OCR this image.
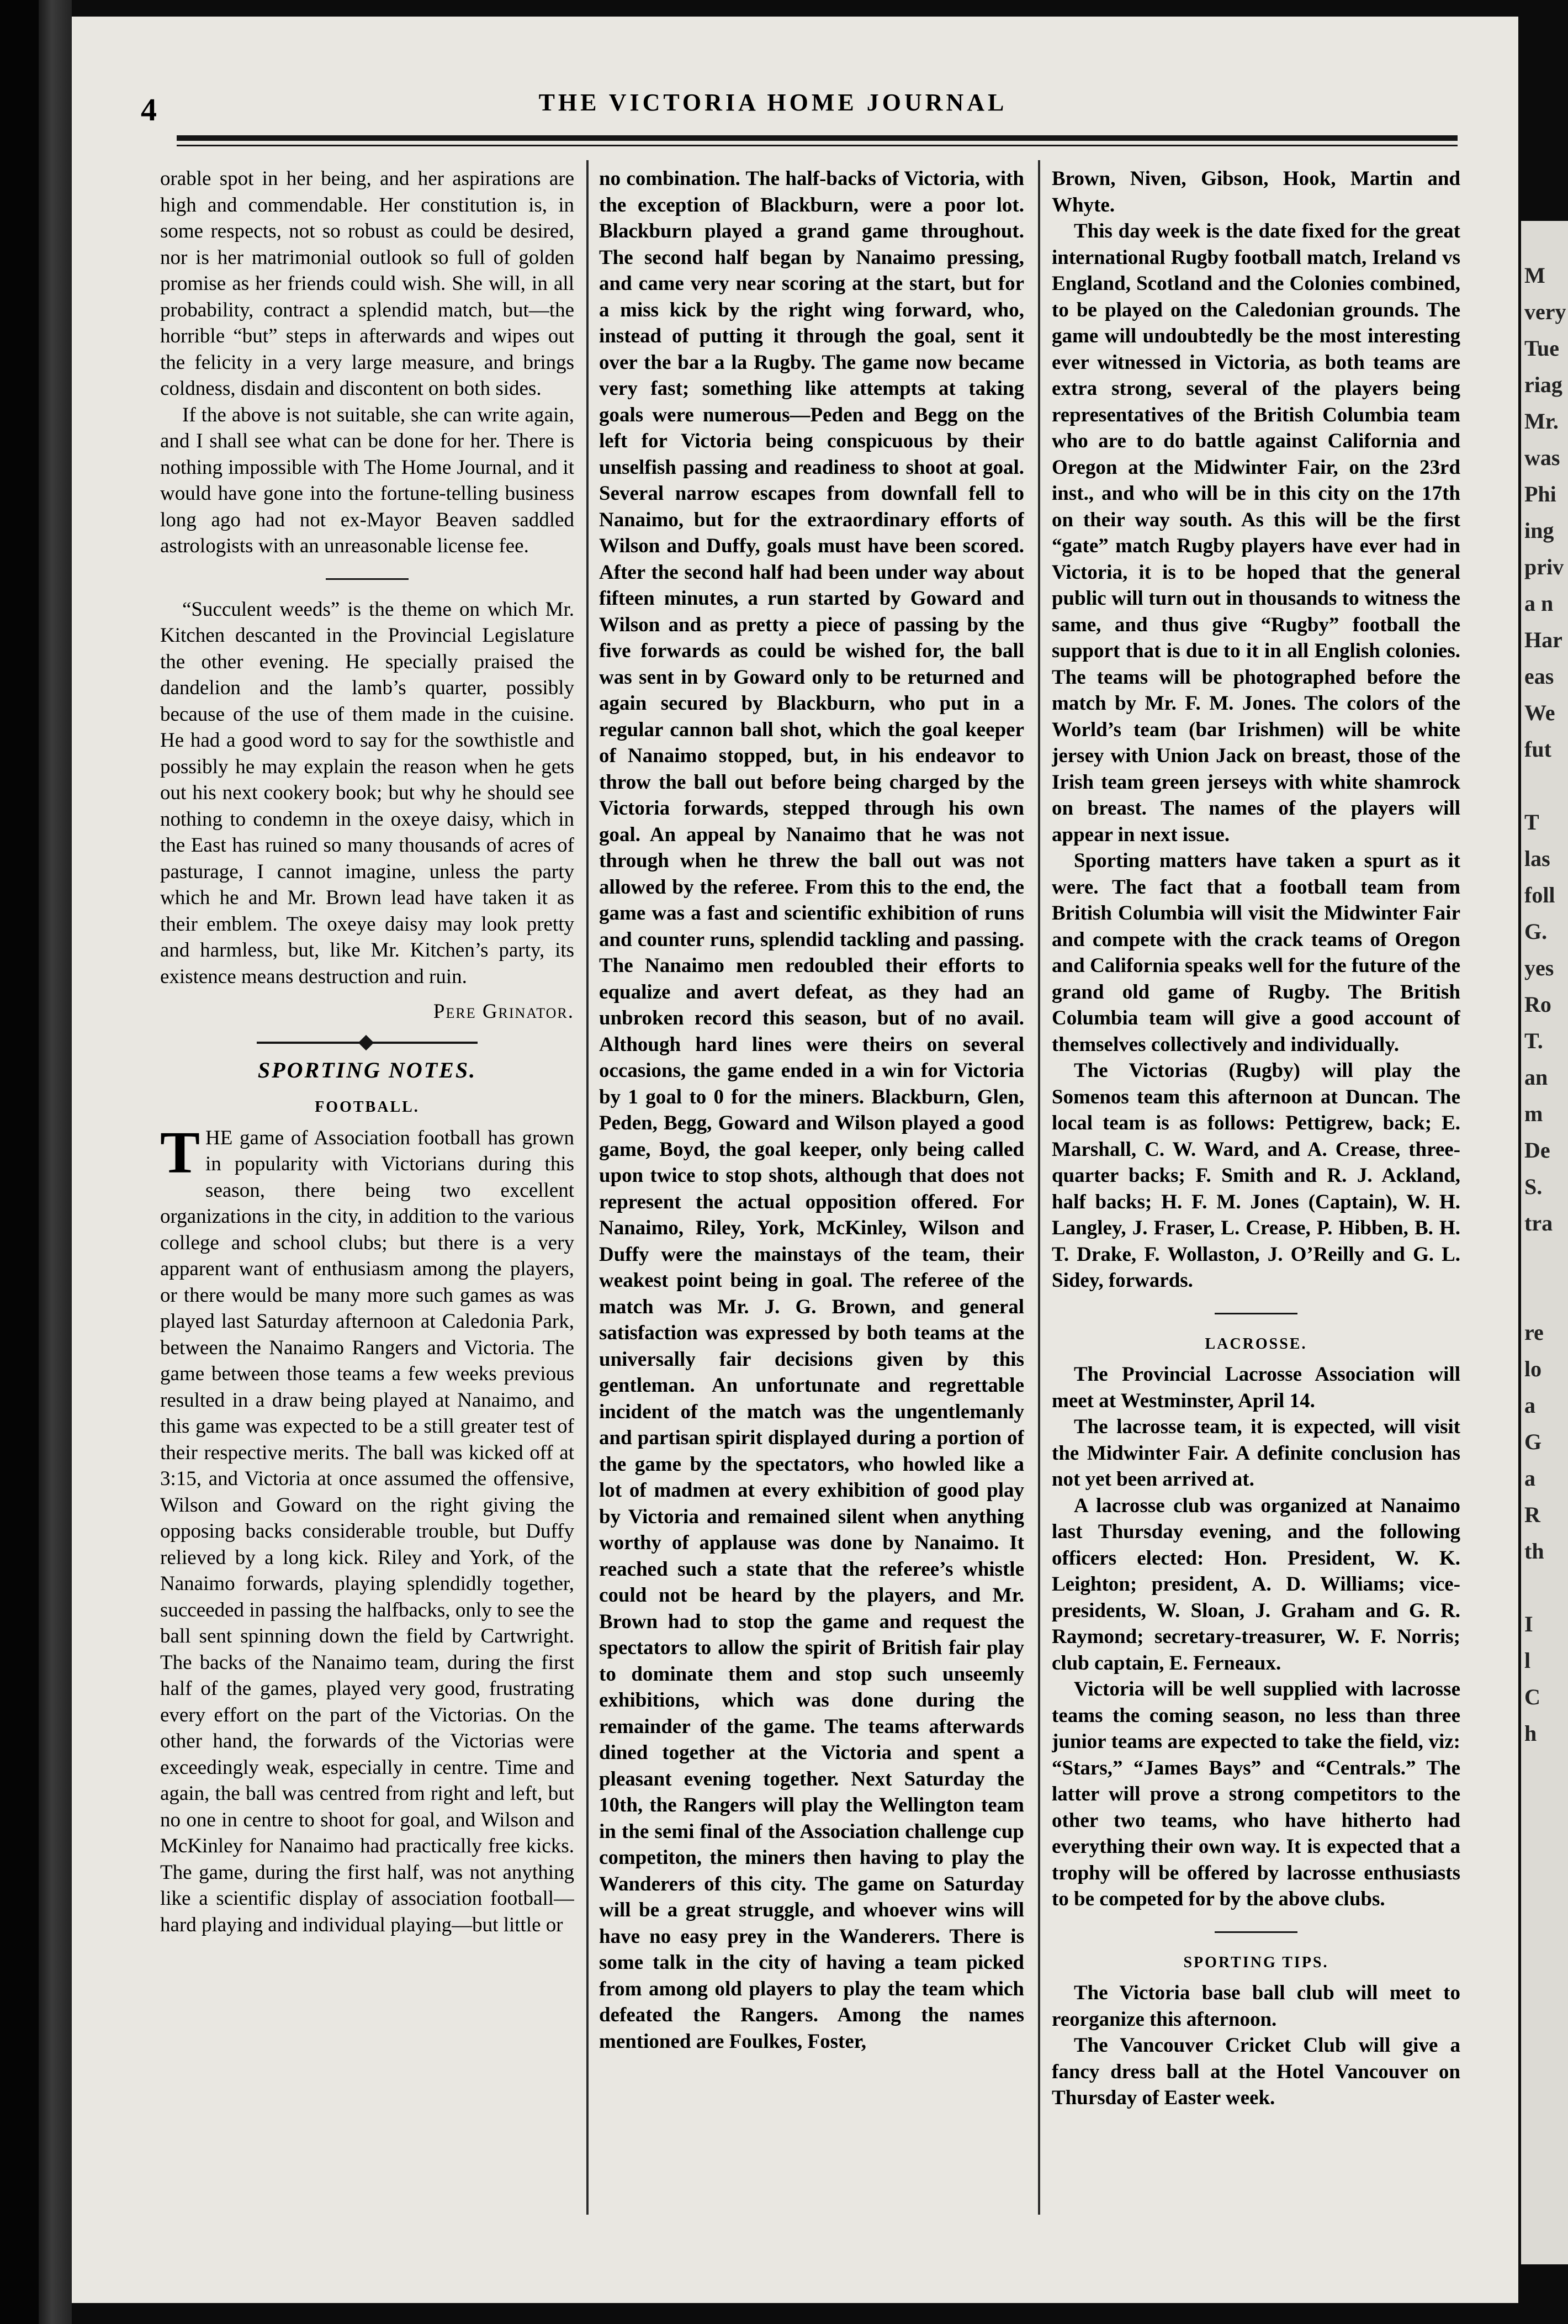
4	THE VICTORIA HOME JOURNAL

orable spot in her being, and her aspirations are high and commendable. Her constitution is, in some respects, not so robust as could be desired, nor is her matrimonial outlook so full of golden promise as her friends could wish. She will, in all probability, contract a splendid match, but—the horrible “but” steps in afterwards and wipes out the felicity in a very large measure, and brings coldness, disdain and discontent on both sides.

If the above is not suitable, she can write again, and I shall see what can be done for her. There is nothing impossible with The Home Journal, and it would have gone into the fortune-telling business long ago had not ex-Mayor Beaven saddled astrologists with an unreasonable license fee.

“Succulent weeds” is the theme on which Mr. Kitchen descanted in the Provincial Legislature the other evening. He specially praised the dandelion and the lamb’s quarter, possibly because of the use of them made in the cuisine. He had a good word to say for the sowthistle and possibly he may explain the reason when he gets out his next cookery book; but why he should see nothing to condemn in the oxeye daisy, which in the East has ruined so many thousands of acres of pasturage, I cannot imagine, unless the party which he and Mr. Brown lead have taken it as their emblem. The oxeye daisy may look pretty and harmless, but, like Mr. Kitchen’s party, its existence means destruction and ruin.

Pere Grinator.
SPORTING NOTES.
FOOTBALL.

THE game of Association football has grown in popularity with Victorians during this season, there being two excellent organizations in the city, in addition to the various college and school clubs; but there is a very apparent want of enthusiasm among the players, or there would be many more such games as was played last Saturday afternoon at Caledonia Park, between the Nanaimo Rangers and Victoria. The game between those teams a few weeks previous resulted in a draw being played at Nanaimo, and this game was expected to be a still greater test of their respective merits. The ball was kicked off at 3:15, and Victoria at once assumed the offensive, Wilson and Goward on the right giving the opposing backs considerable trouble, but Duffy relieved by a long kick. Riley and York, of the Nanaimo forwards, playing splendidly together, succeeded in passing the halfbacks, only to see the ball sent spinning down the field by Cartwright. The backs of the Nanaimo team, during the first half of the games, played very good, frustrating every effort on the part of the Victorias. On the other hand, the forwards of the Victorias were exceedingly weak, especially in centre. Time and again, the ball was centred from right and left, but no one in centre to shoot for goal, and Wilson and McKinley for Nanaimo had practically free kicks. The game, during the first half, was not anything like a scientific display of association football—hard playing and individual playing—but little or

no combination. The half-backs of Victoria, with the exception of Blackburn, were a poor lot. Blackburn played a grand game throughout. The second half began by Nanaimo pressing, and came very near scoring at the start, but for a miss kick by the right wing forward, who, instead of putting it through the goal, sent it over the bar a la Rugby. The game now became very fast; something like attempts at taking goals were numerous—Peden and Begg on the left for Victoria being conspicuous by their unselfish passing and readiness to shoot at goal. Several narrow escapes from downfall fell to Nanaimo, but for the extraordinary efforts of Wilson and Duffy, goals must have been scored. After the second half had been under way about fifteen minutes, a run started by Goward and Wilson and as pretty a piece of passing by the five forwards as could be wished for, the ball was sent in by Goward only to be returned and again secured by Blackburn, who put in a regular cannon ball shot, which the goal keeper of Nanaimo stopped, but, in his endeavor to throw the ball out before being charged by the Victoria forwards, stepped through his own goal. An appeal by Nanaimo that he was not through when he threw the ball out was not allowed by the referee. From this to the end, the game was a fast and scientific exhibition of runs and counter runs, splendid tackling and passing. The Nanaimo men redoubled their efforts to equalize and avert defeat, as they had an unbroken record this season, but of no avail. Although hard lines were theirs on several occasions, the game ended in a win for Victoria by 1 goal to 0 for the miners. Blackburn, Glen, Peden, Begg, Goward and Wilson played a good game, Boyd, the goal keeper, only being called upon twice to stop shots, although that does not represent the actual opposition offered. For Nanaimo, Riley, York, McKinley, Wilson and Duffy were the mainstays of the team, their weakest point being in goal. The referee of the match was Mr. J. G. Brown, and general satisfaction was expressed by both teams at the universally fair decisions given by this gentleman. An unfortunate and regrettable incident of the match was the ungentlemanly and partisan spirit displayed during a portion of the game by the spectators, who howled like a lot of madmen at every exhibition of good play by Victoria and remained silent when anything worthy of applause was done by Nanaimo. It reached such a state that the referee’s whistle could not be heard by the players, and Mr. Brown had to stop the game and request the spectators to allow the spirit of British fair play to dominate them and stop such unseemly exhibitions, which was done during the remainder of the game. The teams afterwards dined together at the Victoria and spent a pleasant evening together. Next Saturday the 10th, the Rangers will play the Wellington team in the semi final of the Association challenge cup competiton, the miners then having to play the Wanderers of this city. The game on Saturday will be a great struggle, and whoever wins will have no easy prey in the Wanderers. There is some talk in the city of having a team picked from among old players to play the team which defeated the Rangers. Among the names mentioned are Foulkes, Foster,

Brown, Niven, Gibson, Hook, Martin and Whyte.

This day week is the date fixed for the great international Rugby football match, Ireland vs England, Scotland and the Colonies combined, to be played on the Caledonian grounds. The game will undoubtedly be the most interesting ever witnessed in Victoria, as both teams are extra strong, several of the players being representatives of the British Columbia team who are to do battle against California and Oregon at the Midwinter Fair, on the 23rd inst., and who will be in this city on the 17th on their way south. As this will be the first “gate” match Rugby players have ever had in Victoria, it is to be hoped that the general public will turn out in thousands to witness the same, and thus give “Rugby” football the support that is due to it in all English colonies. The teams will be photographed before the match by Mr. F. M. Jones. The colors of the World’s team (bar Irishmen) will be white jersey with Union Jack on breast, those of the Irish team green jerseys with white shamrock on breast. The names of the players will appear in next issue.

Sporting matters have taken a spurt as it were. The fact that a football team from British Columbia will visit the Midwinter Fair and compete with the crack teams of Oregon and California speaks well for the future of the grand old game of Rugby. The British Columbia team will give a good account of themselves collectively and individually.

The Victorias (Rugby) will play the Somenos team this afternoon at Duncan. The local team is as follows: Pettigrew, back; E. Marshall, C. W. Ward, and A. Crease, three-quarter backs; F. Smith and R. J. Ackland, half backs; H. F. M. Jones (Captain), W. H. Langley, J. Fraser, L. Crease, P. Hibben, B. H. T. Drake, F. Wollaston, J. O’Reilly and G. L. Sidey, forwards.

LACROSSE.

The Provincial Lacrosse Association will meet at Westminster, April 14.

The lacrosse team, it is expected, will visit the Midwinter Fair. A definite conclusion has not yet been arrived at.

A lacrosse club was organized at Nanaimo last Thursday evening, and the following officers elected: Hon. President, W. K. Leighton; president, A. D. Williams; vice-presidents, W. Sloan, J. Graham and G. R. Raymond; secretary-treasurer, W. F. Norris; club captain, E. Ferneaux.

Victoria will be well supplied with lacrosse teams the coming season, no less than three junior teams are expected to take the field, viz: “Stars,” “James Bays” and “Centrals.” The latter will prove a strong competitors to the other two teams, who have hitherto had everything their own way. It is expected that a trophy will be offered by lacrosse enthusiasts to be competed for by the above clubs.

SPORTING TIPS.

The Victoria base ball club will meet to reorganize this afternoon.

The Vancouver Cricket Club will give a fancy dress ball at the Hotel Vancouver on Thursday of Easter week.

M
very
Tue
riag
Mr.
was
Phi
ing
priv
a n
Har
eas
We
fut

T
las
foll
G.
yes
Ro
T.
an
m
De
S.
tra

re
lo
a
G
a
R
th

I
l
C
h
